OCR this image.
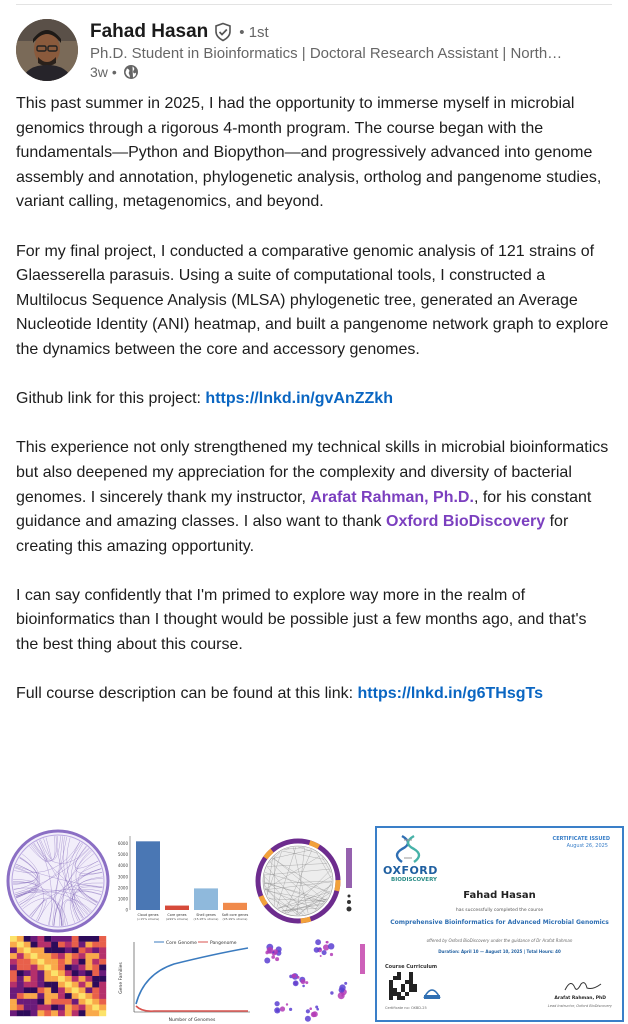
Fahad Hasan • 1st
Ph.D. Student in Bioinformatics | Doctoral Research Assistant | North…
3w •

This past summer in 2025, I had the opportunity to immerse myself in microbial genomics through a rigorous 4-month program. The course began with the fundamentals—Python and Biopython—and progressively advanced into genome assembly and annotation, phylogenetic analysis, ortholog and pangenome studies, variant calling, metagenomics, and beyond.

For my final project, I conducted a comparative genomic analysis of 121 strains of Glaesserella parasuis. Using a suite of computational tools, I constructed a Multilocus Sequence Analysis (MLSA) phylogenetic tree, generated an Average Nucleotide Identity (ANI) heatmap, and built a pangenome network graph to explore the dynamics between the core and accessory genomes.

Github link for this project: https://lnkd.in/gvAnZZkh

This experience not only strengthened my technical skills in microbial bioinformatics but also deepened my appreciation for the complexity and diversity of bacterial genomes. I sincerely thank my instructor, Arafat Rahman, Ph.D., for his constant guidance and amazing classes. I also want to thank Oxford BioDiscovery for creating this amazing opportunity.

I can say confidently that I'm primed to explore way more in the realm of bioinformatics than I thought would be possible just a few months ago, and that's the best thing about this course.

Full course description can be found at this link: https://lnkd.in/g6THsgTs

6000
5000
4000
3000
2000
1000
0
Cloud genes
(<15% strains)
Core genes
(≥99% strains)
Shell genes
(15-95% strains)
Soft core genes
(95-99% strains)
Core Genome	Pangenome
Number of Genomes
Gene Families
CERTIFICATE ISSUED
August 26, 2025
OXFORD
BIODISCOVERY
Fahad Hasan
has successfully completed the course
Comprehensive Bioinformatics for Advanced Microbial Genomics
offered by Oxford BioDiscovery under the guidance of Dr Arafat Rahman
Duration: April 10 — August 10, 2025 | Total Hours: 40
Course Curriculum
Arafat Rahman, PhD
Lead Instructor, Oxford BioDiscovery
Certificate no: OXBD-25
